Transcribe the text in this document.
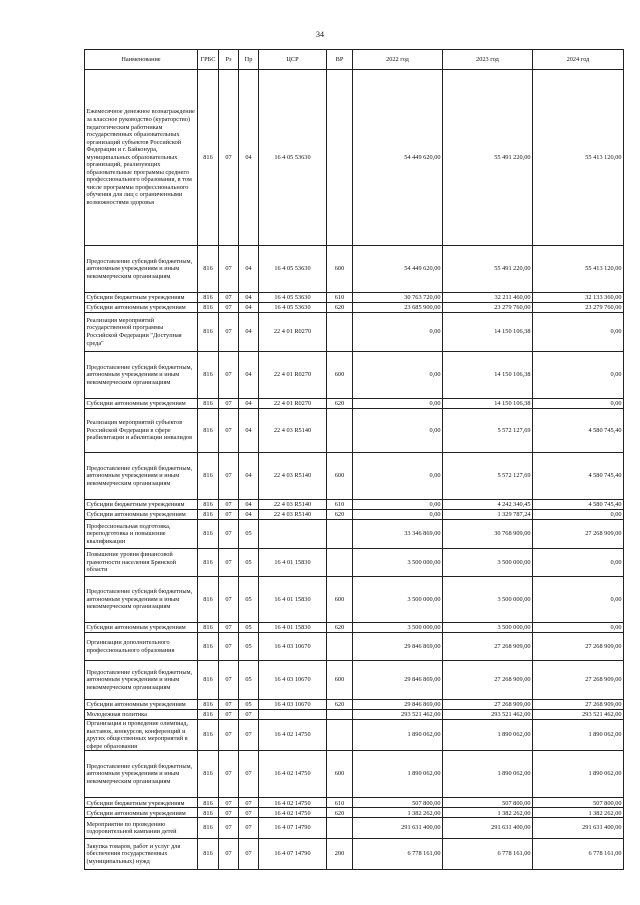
34
Наименование	ГРБС	Рз	Пр	ЦСР	ВР	2022 год	2023 год	2024 год
Ежемесячное денежное вознаграждение за классное руководство (кураторство) педагогическим работникам государственных образовательных организаций субъектов Российской Федерации и г. Байконура, муниципальных образовательных организаций, реализующих образовательные программы среднего профессионального образования, в том числе программы профессионального обучения для лиц с ограниченными возможностями здоровья	816	07	04	16 4 05 53630		54 449 620,00	55 491 220,00	55 413 120,00
Предоставление субсидий бюджетным, автономным учреждениям и иным некоммерческим организациям	816	07	04	16 4 05 53630	600	54 449 620,00	55 491 220,00	55 413 120,00
Субсидии бюджетным учреждениям	816	07	04	16 4 05 53630	610	30 763 720,00	32 211 460,00	32 133 360,00
Субсидии автономным учреждениям	816	07	04	16 4 05 53630	620	23 685 900,00	23 279 760,00	23 279 760,00
Реализация мероприятий государственной программы Российской Федерации "Доступная среда"	816	07	04	22 4 01 R0270		0,00	14 150 106,38	0,00
Предоставление субсидий бюджетным, автономным учреждениям и иным некоммерческим организациям	816	07	04	22 4 01 R0270	600	0,00	14 150 106,38	0,00
Субсидии автономным учреждениям	816	07	04	22 4 01 R0270	620	0,00	14 150 106,38	0,00
Реализация мероприятий субъектов Российской Федерации в сфере реабилитации и абилитации инвалидов	816	07	04	22 4 03 R5140		0,00	5 572 127,69	4 580 745,40
Предоставление субсидий бюджетным, автономным учреждениям и иным некоммерческим организациям	816	07	04	22 4 03 R5140	600	0,00	5 572 127,69	4 580 745,40
Субсидии бюджетным учреждениям	816	07	04	22 4 03 R5140	610	0,00	4 242 340,45	4 580 745,40
Субсидии автономным учреждениям	816	07	04	22 4 03 R5140	620	0,00	1 329 787,24	0,00
Профессиональная подготовка, переподготовка и повышение квалификации	816	07	05			33 346 869,00	30 768 909,00	27 268 909,00
Повышение уровня финансовой грамотности населения Брянской области	816	07	05	16 4 01 15830		3 500 000,00	3 500 000,00	0,00
Предоставление субсидий бюджетным, автономным учреждениям и иным некоммерческим организациям	816	07	05	16 4 01 15830	600	3 500 000,00	3 500 000,00	0,00
Субсидии автономным учреждениям	816	07	05	16 4 01 15830	620	3 500 000,00	3 500 000,00	0,00
Организации дополнительного профессионального образования	816	07	05	16 4 03 10670		29 846 869,00	27 268 909,00	27 268 909,00
Предоставление субсидий бюджетным, автономным учреждениям и иным некоммерческим организациям	816	07	05	16 4 03 10670	600	29 846 869,00	27 268 909,00	27 268 909,00
Субсидии автономным учреждениям	816	07	05	16 4 03 10670	620	29 846 869,00	27 268 909,00	27 268 909,00
Молодежная политика	816	07	07			293 521 462,00	293 521 462,00	293 521 462,00
Организация и проведение олимпиад, выставок, конкурсов, конференций и других общественных мероприятий в сфере образования	816	07	07	16 4 02 14750		1 890 062,00	1 890 062,00	1 890 062,00
Предоставление субсидий бюджетным, автономным учреждениям и иным некоммерческим организациям	816	07	07	16 4 02 14750	600	1 890 062,00	1 890 062,00	1 890 062,00
Субсидии бюджетным учреждениям	816	07	07	16 4 02 14750	610	507 800,00	507 800,00	507 800,00
Субсидии автономным учреждениям	816	07	07	16 4 02 14750	620	1 382 262,00	1 382 262,00	1 382 262,00
Мероприятия по проведению оздоровительной кампании детей	816	07	07	16 4 07 14790		291 631 400,00	291 631 400,00	291 631 400,00
Закупка товаров, работ и услуг для обеспечения государственных (муниципальных) нужд	816	07	07	16 4 07 14790	200	6 778 161,00	6 778 161,00	6 778 161,00
